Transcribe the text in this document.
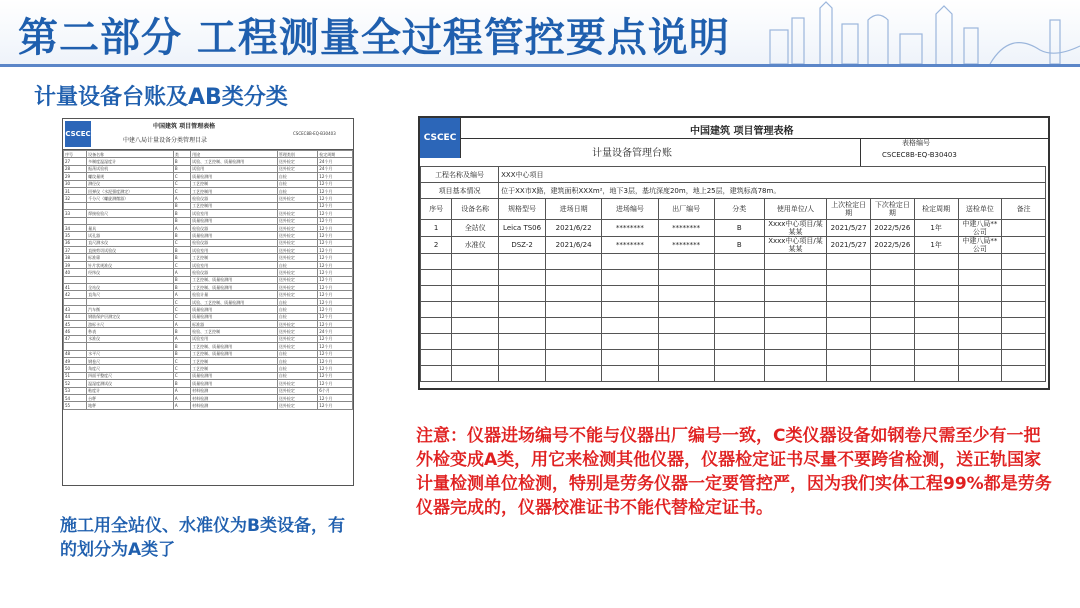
第二部分 工程测量全过程管控要点说明
计量设备台账及AB类分类
CSCEC
中国建筑 项目管理表格
中建八局计量设备分类管理目录
CSCEC8B-EQ-B30403
序号	设备名称	类	用途	管理类别	检定周期
27	多制度温湿度计	B	试验、工艺控制、质量检测用	送外检定	24个月
28	振荡试验机	B	试验用	送外检定	24个月
29	螺纹量规	C	质量检测用	自检	12个月
30	测径仪	C	工艺控制	自检	12个月
31	回弹仪（水泥强度测定）	C	工艺控制用	自检	12个月
32	千分尺（螺旋测微器）	A	检验仪器	送外检定	12个月
		B	工艺控制用		12个月
33	焊接检验尺	B	试验室用	送外检定	12个月
		B	质量检测用	送外检定	12个月
34	量具	A	检验仪器	送外检定	12个月
35	试孔器	B	质量检测用	送外检定	12个月
36	直尺测水仪	C	检验仪器	送外检定	12个月
37	直接剪切试验仪	B	试验室用	送外检定	12个月
38	标准筛	B	工艺控制	送外检定	12个月
39	针片状规准仪	C	试验室用	自检	12个月
40	经纬仪	A	检验仪器	送外检定	12个月
		B	工艺控制、质量检测用	送外检定	12个月
41	全站仪	B	工艺控制、质量检测用	送外检定	12个月
42	直角尺	A	检验计量	送外检定	12个月
		C	试验、工艺控制、质量检测用	自检	12个月
43	汽车衡	C	质量检测用	自检	12个月
44	钢筋保护层测定仪	C	质量检测用	自检	12个月
45	游标卡尺	A	标准器	送外检定	12个月
46	秒表	B	检验、工艺控制	送外检定	24个月
47	水准仪	A	试验室用	送外检定	12个月
		B	工艺控制、质量检测用	送外检定	12个月
48	水平尺	B	工艺控制、质量检测用	自检	12个月
49	钢卷尺	C	工艺控制	自检	12个月
50	角度尺	C	工艺控制	自检	12个月
51	四面平整度尺	C	质量检测用	自检	12个月
52	温湿度测试仪	B	质量检测用	送外检定	12个月
53	粘度计	A	材料检测	送外检定	6个月
54	台秤	A	材料检测	送外检定	12个月
55	地秤	A	材料检测	送外检定	12个月
CSCEC
中国建筑 项目管理表格
计量设备管理台账
表格编号
CSCEC8B-EQ-B30403
工程名称及编号		XXX中心项目										
项目基本情况		位于XX市X路，建筑面积XXXm²，地下3层，基坑深度20m，地上25层，建筑标高78m。										
序号	设备名称	规格型号	进场日期	进场编号	出厂编号	分类	使用单位/人	上次检定日期	下次检定日期	检定周期	送检单位	备注
1	全站仪	Leica TS06	2021/6/22	********	********	B	Xxxx中心项目/某某某	2021/5/27	2022/5/26	1年	中建八局**公司	
2	水准仪	DSZ-2	2021/6/24	********	********	B	Xxxx中心项目/某某某	2021/5/27	2022/5/26	1年	中建八局**公司	

施工用全站仪、水准仪为B类设备，有的划分为A类了
注意：仪器进场编号不能与仪器出厂编号一致，C类仪器设备如钢卷尺需至少有一把外检变成A类，用它来检测其他仪器，仪器检定证书尽量不要跨省检测，送正轨国家计量检测单位检测，特别是劳务仪器一定要管控严，因为我们实体工程99%都是劳务仪器完成的，仪器校准证书不能代替检定证书。
